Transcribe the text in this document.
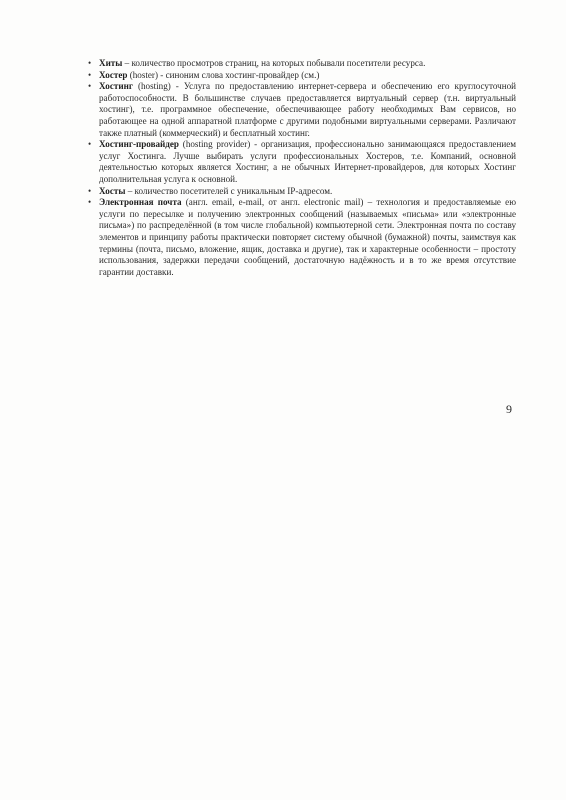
• Хиты – количество просмотров страниц, на которых побывали посетители ресурса.

• Хостер (hoster) - синоним слова хостинг-провайдер (см.)

• Хостинг (hosting) - Услуга по предоставлению интернет-сервера и обеспечению его круглосуточной работоспособности. В большинстве случаев предоставляется виртуальный сервер (т.н. виртуальный хостинг), т.е. программное обеспечение, обеспечивающее работу необходимых Вам сервисов, но работающее на одной аппаратной платформе с другими подобными виртуальными серверами. Различают также платный (коммерческий) и бесплатный хостинг.

• Хостинг-провайдер (hosting provider) - организация, профессионально занимающаяся предоставлением услуг Хостинга. Лучше выбирать услуги профессиональных Хостеров, т.е. Компаний, основной деятельностью которых является Хостинг, а не обычных Интернет-провайдеров, для которых Хостинг дополнительная услуга к основной.

• Хосты – количество посетителей с уникальным IP-адресом.

• Электронная почта (англ. email, e-mail, от англ. electronic mail) – технология и предоставляемые ею услуги по пересылке и получению электронных сообщений (называемых «письма» или «электронные письма») по распределённой (в том числе глобальной) компьютерной сети. Электронная почта по составу элементов и принципу работы практически повторяет систему обычной (бумажной) почты, заимствуя как термины (почта, письмо, вложение, ящик, доставка и другие), так и характерные особенности – простоту использования, задержки передачи сообщений, достаточную надёжность и в то же время отсутствие гарантии доставки.

9
